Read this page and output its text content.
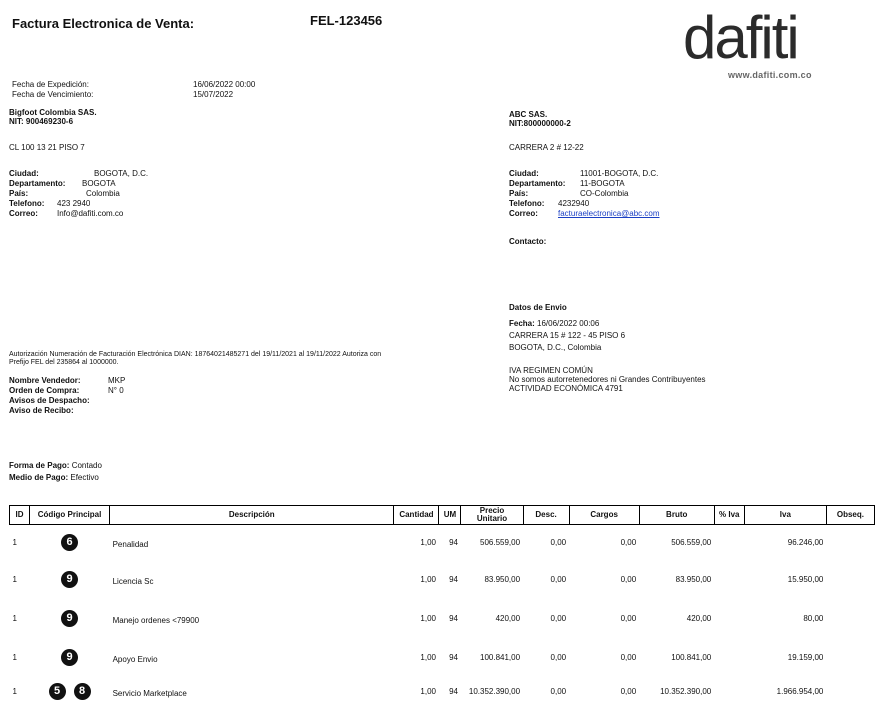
Factura Electronica de Venta:	FEL-123456	dafiti
www.dafiti.com.co
Fecha de Expedición:	16/06/2022 00:00
Fecha de Vencimiento:	15/07/2022
Bigfoot Colombia SAS.
NIT: 900469230-6
CL 100 13 21 PISO 7
Ciudad:	BOGOTA, D.C.
Departamento: BOGOTA
País:	Colombia
Telefono: 423 2940
Correo: Info@dafiti.com.co
ABC SAS.
NIT:800000000-2
CARRERA 2 # 12-22
Ciudad:	11001-BOGOTA, D.C.
Departamento: 11-BOGOTA
País:	CO-Colombia
Telefono: 4232940
Correo:	facturaelectronica@abc.com
Contacto:
Datos de Envio
Fecha: 16/06/2022 00:06
CARRERA 15 # 122 - 45 PISO 6
BOGOTA, D.C., Colombia
IVA REGIMEN COMÚN
No somos autorretenedores ni Grandes Contribuyentes
ACTIVIDAD ECONÓMICA 4791
Autorización Numeración de Facturación Electrónica DIAN: 18764021485271 del 19/11/2021 al 19/11/2022 Autoriza con
Prefijo FEL del 235864 al 1000000.
Nombre Vendedor:	MKP
Orden de Compra:	N° 0
Avisos de Despacho:
Aviso de Recibo:
Forma de Pago: Contado
Medio de Pago: Efectivo
ID	Código Principal	Descripción	Cantidad	UM	Precio Unitario	Desc.	Cargos	Bruto	% Iva	Iva	Obseq.
1	6	Penalidad	1,00	94	506.559,00	0,00	0,00	506.559,00		96.246,00	
1	9	Licencia Sc	1,00	94	83.950,00	0,00	0,00	83.950,00		15.950,00	
1	9	Manejo ordenes <79900	1,00	94	420,00	0,00	0,00	420,00		80,00	
1	9	Apoyo Envio	1,00	94	100.841,00	0,00	0,00	100.841,00		19.159,00	
1	5 8	Servicio Marketplace	1,00	94	10.352.390,00	0,00	0,00	10.352.390,00		1.966.954,00	
